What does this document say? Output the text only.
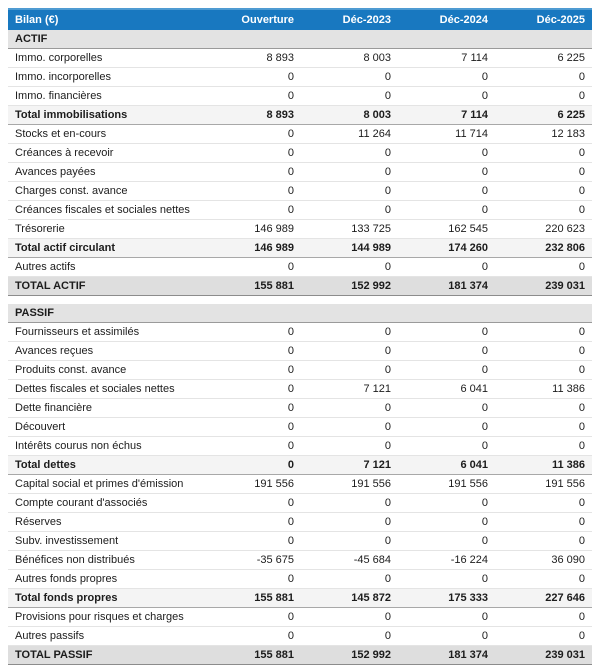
Bilan (€)	Ouverture	Déc-2023	Déc-2024	Déc-2025
ACTIF				
Immo. corporelles	8 893	8 003	7 114	6 225
Immo. incorporelles	0	0	0	0
Immo. financières	0	0	0	0
Total immobilisations	8 893	8 003	7 114	6 225
Stocks et en-cours	0	11 264	11 714	12 183
Créances à recevoir	0	0	0	0
Avances payées	0	0	0	0
Charges const. avance	0	0	0	0
Créances fiscales et sociales nettes	0	0	0	0
Trésorerie	146 989	133 725	162 545	220 623
Total actif circulant	146 989	144 989	174 260	232 806
Autres actifs	0	0	0	0
TOTAL ACTIF	155 881	152 992	181 374	239 031

PASSIF				
Fournisseurs et assimilés	0	0	0	0
Avances reçues	0	0	0	0
Produits const. avance	0	0	0	0
Dettes fiscales et sociales nettes	0	7 121	6 041	11 386
Dette financière	0	0	0	0
Découvert	0	0	0	0
Intérêts courus non échus	0	0	0	0
Total dettes	0	7 121	6 041	11 386
Capital social et primes d'émission	191 556	191 556	191 556	191 556
Compte courant d'associés	0	0	0	0
Réserves	0	0	0	0
Subv. investissement	0	0	0	0
Bénéfices non distribués	-35 675	-45 684	-16 224	36 090
Autres fonds propres	0	0	0	0
Total fonds propres	155 881	145 872	175 333	227 646
Provisions pour risques et charges	0	0	0	0
Autres passifs	0	0	0	0
TOTAL PASSIF	155 881	152 992	181 374	239 031
